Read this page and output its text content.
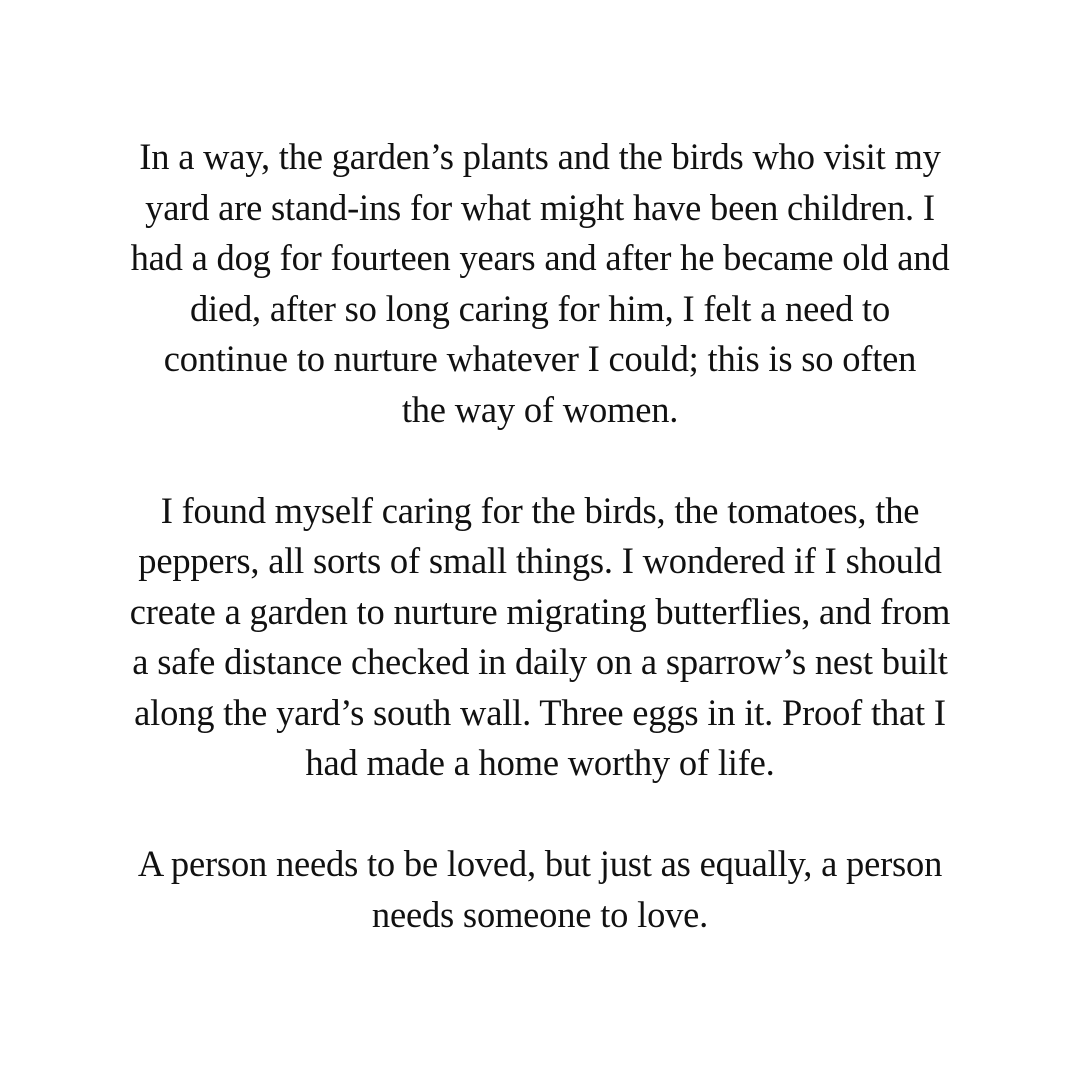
In a way, the garden’s plants and the birds who visit my
yard are stand-ins for what might have been children. I
had a dog for fourteen years and after he became old and
died, after so long caring for him, I felt a need to
continue to nurture whatever I could; this is so often
the way of women.

I found myself caring for the birds, the tomatoes, the
peppers, all sorts of small things. I wondered if I should
create a garden to nurture migrating butterflies, and from
a safe distance checked in daily on a sparrow’s nest built
along the yard’s south wall. Three eggs in it. Proof that I
had made a home worthy of life.

A person needs to be loved, but just as equally, a person
needs someone to love.
